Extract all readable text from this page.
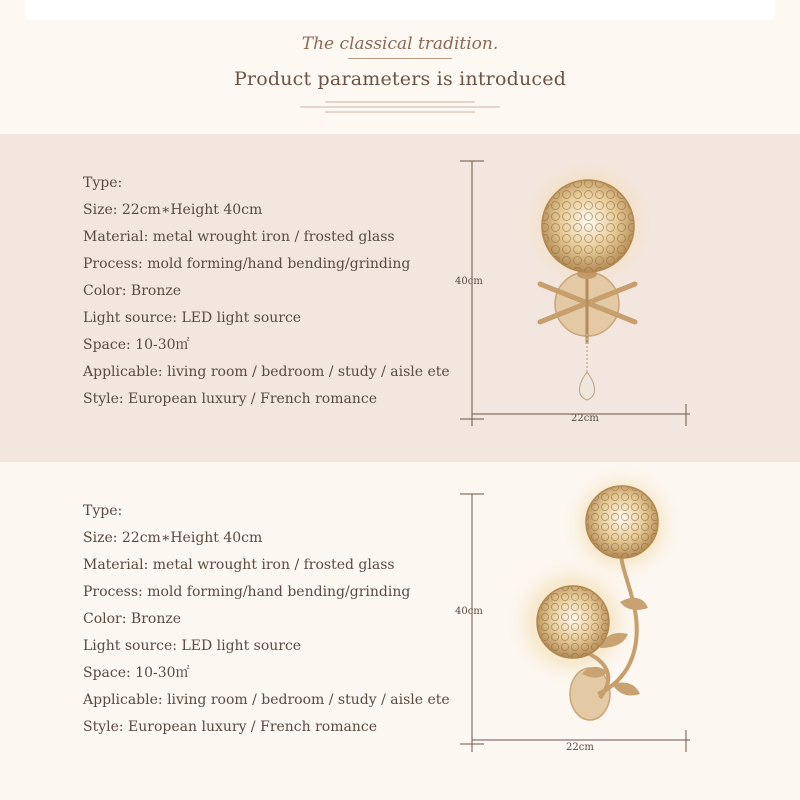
The classical tradition.
Product parameters is introduced
Type:
Size: 22cm∗Height 40cm
Material: metal wrought iron / frosted glass
Process: mold forming/hand bending/grinding
Color: Bronze
Light source: LED light source
Space: 10-30㎡
Applicable: living room / bedroom / study / aisle ete
Style: European luxury / French romance
40cm
22cm
Type:
Size: 22cm∗Height 40cm
Material: metal wrought iron / frosted glass
Process: mold forming/hand bending/grinding
Color: Bronze
Light source: LED light source
Space: 10-30㎡
Applicable: living room / bedroom / study / aisle ete
Style: European luxury / French romance
40cm
22cm
